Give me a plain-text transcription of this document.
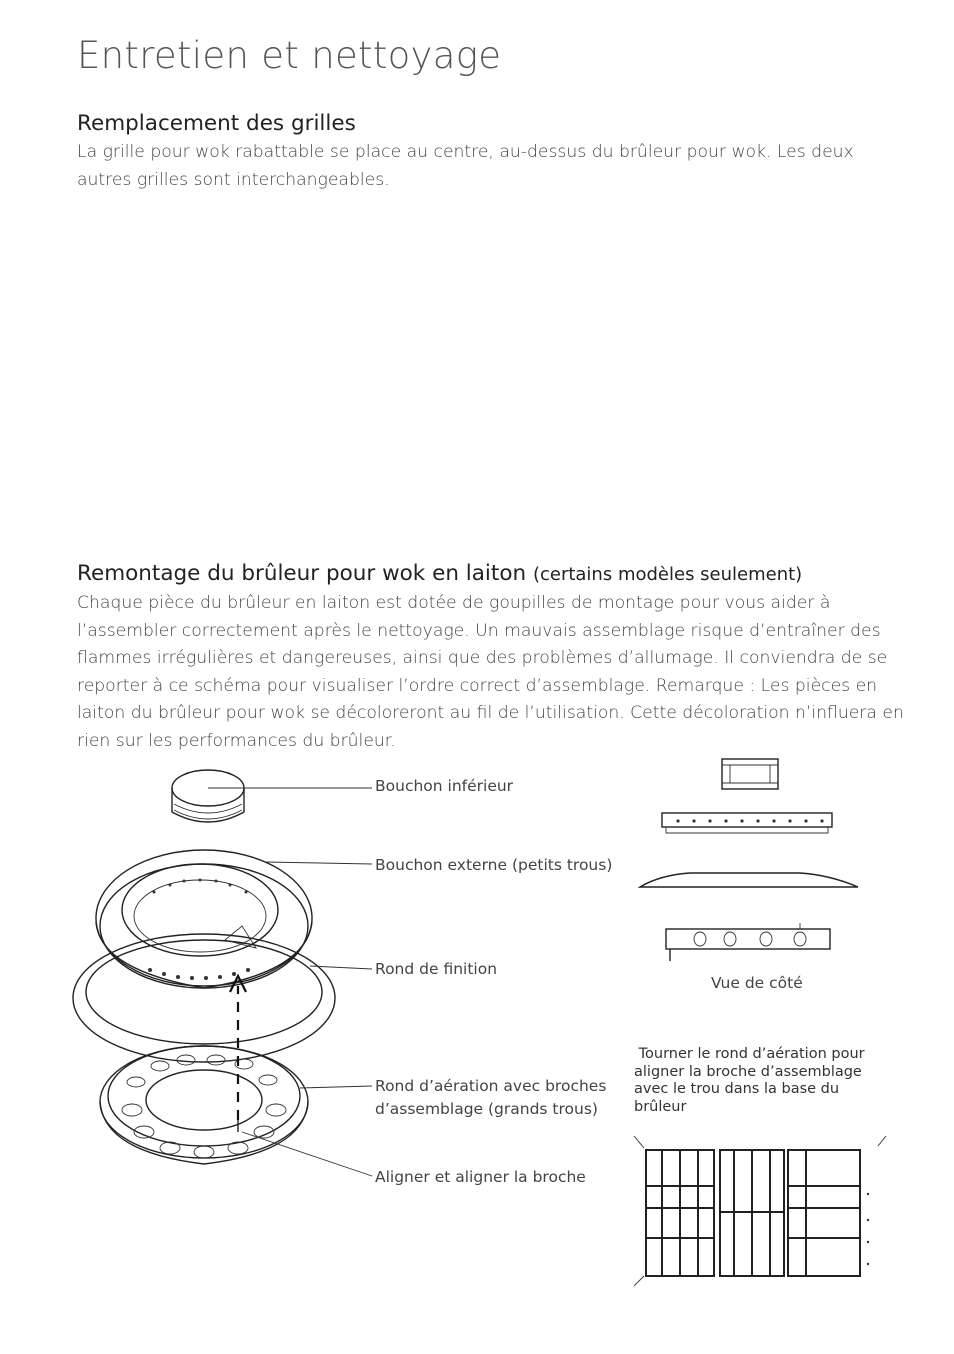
Entretien et nettoyage
Remplacement des grilles

La grille pour wok rabattable se place au centre, au-dessus du brûleur pour wok. Les deux autres grilles sont interchangeables.

Remontage du brûleur pour wok en laiton (certains modèles seulement)

Chaque pièce du brûleur en laiton est dotée de goupilles de montage pour vous aider à l’assembler correctement après le nettoyage. Un mauvais assemblage risque d’entraîner des flammes irrégulières et dangereuses, ainsi que des problèmes d’allumage. Il conviendra de se reporter à ce schéma pour visualiser l’ordre correct d’assemblage. Remarque : Les pièces en laiton du brûleur pour wok se décoloreront au fil de l’utilisation. Cette décoloration n’influera en rien sur les performances du brûleur.

Bouchon inférieur
Bouchon externe (petits trous)
Rond de finition
Rond d’aération avec broches
d’assemblage (grands trous)
Aligner et aligner la broche
Vue de côté
Tourner le rond d’aération pour
aligner la broche d’assemblage
avec le trou dans la base du
brûleur
